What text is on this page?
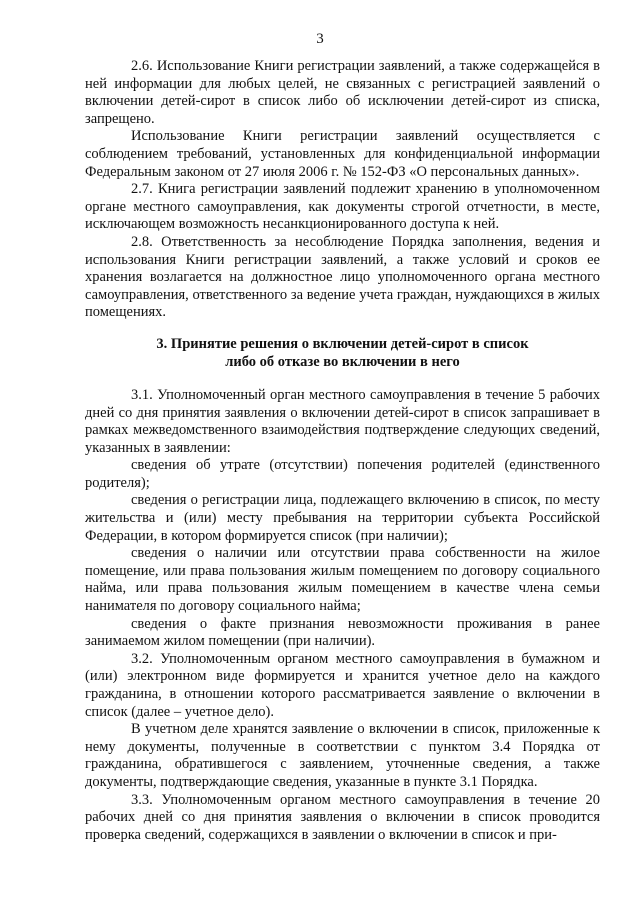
3

2.6. Использование Книги регистрации заявлений, а также содержащейся в ней информации для любых целей, не связанных с регистрацией заявлений о включении детей-сирот в список либо об исключении детей-сирот из списка, запрещено.

Использование Книги регистрации заявлений осуществляется с соблюдением требований, установленных для конфиденциальной информации Федеральным законом от 27 июля 2006 г. № 152-ФЗ «О персональных данных».

2.7. Книга регистрации заявлений подлежит хранению в уполномоченном органе местного самоуправления, как документы строгой отчетности, в месте, исключающем возможность несанкционированного доступа к ней.

2.8. Ответственность за несоблюдение Порядка заполнения, ведения и использования Книги регистрации заявлений, а также условий и сроков ее хранения возлагается на должностное лицо уполномоченного органа местного самоуправления, ответственного за ведение учета граждан, нуждающихся в жилых помещениях.

3. Принятие решения о включении детей-сирот в список

либо об отказе во включении в него

3.1. Уполномоченный орган местного самоуправления в течение 5 рабочих дней со дня принятия заявления о включении детей-сирот в список запрашивает в рамках межведомственного взаимодействия подтверждение следующих сведений, указанных в заявлении:

сведения об утрате (отсутствии) попечения родителей (единственного родителя);

сведения о регистрации лица, подлежащего включению в список, по месту жительства и (или) месту пребывания на территории субъекта Российской Федерации, в котором формируется список (при наличии);

сведения о наличии или отсутствии права собственности на жилое помещение, или права пользования жилым помещением по договору социального найма, или права пользования жилым помещением в качестве члена семьи нанимателя по договору социального найма;

сведения о факте признания невозможности проживания в ранее занимаемом жилом помещении (при наличии).

3.2. Уполномоченным органом местного самоуправления в бумажном и (или) электронном виде формируется и хранится учетное дело на каждого гражданина, в отношении которого рассматривается заявление о включении в список (далее – учетное дело).

В учетном деле хранятся заявление о включении в список, приложенные к нему документы, полученные в соответствии с пунктом 3.4 Порядка от гражданина, обратившегося с заявлением, уточненные сведения, а также документы, подтверждающие сведения, указанные в пункте 3.1 Порядка.

3.3. Уполномоченным органом местного самоуправления в течение 20 рабочих дней со дня принятия заявления о включении в список проводится проверка сведений, содержащихся в заявлении о включении в список и при-
